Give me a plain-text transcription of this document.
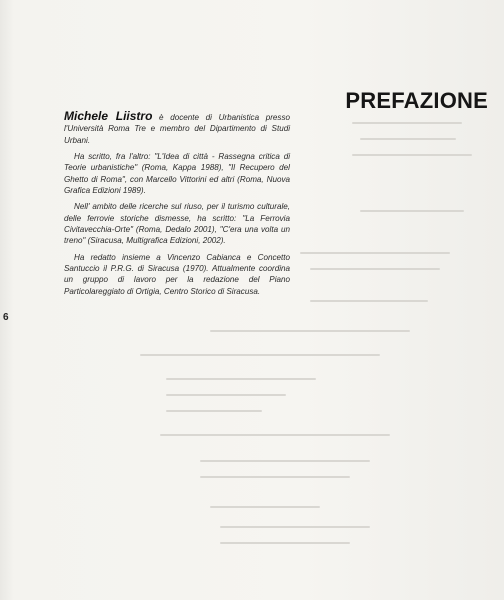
PREFAZIONE

Michele Liistro è docente di Urbanistica presso l'Università Roma Tre e membro del Dipartimento di Studi Urbani.

Ha scritto, fra l'altro: "L'Idea di città - Rassegna critica di Teorie urbanistiche" (Roma, Kappa 1988), "Il Recupero del Ghetto di Roma", con Marcello Vittorini ed altri (Roma, Nuova Grafica Edizioni 1989).

Nell' ambito delle ricerche sul riuso, per il turismo culturale, delle ferrovie storiche dismesse, ha scritto: "La Ferrovia Civitavecchia-Orte" (Roma, Dedalo 2001), "C'era una volta un treno" (Siracusa, Multigrafica Edizioni, 2002).

Ha redatto insieme a Vincenzo Cabianca e Concetto Santuccio il P.R.G. di Siracusa (1970). Attualmente coordina un gruppo di lavoro per la redazione del Piano Particolareggiato di Ortigia, Centro Storico di Siracusa.

6
